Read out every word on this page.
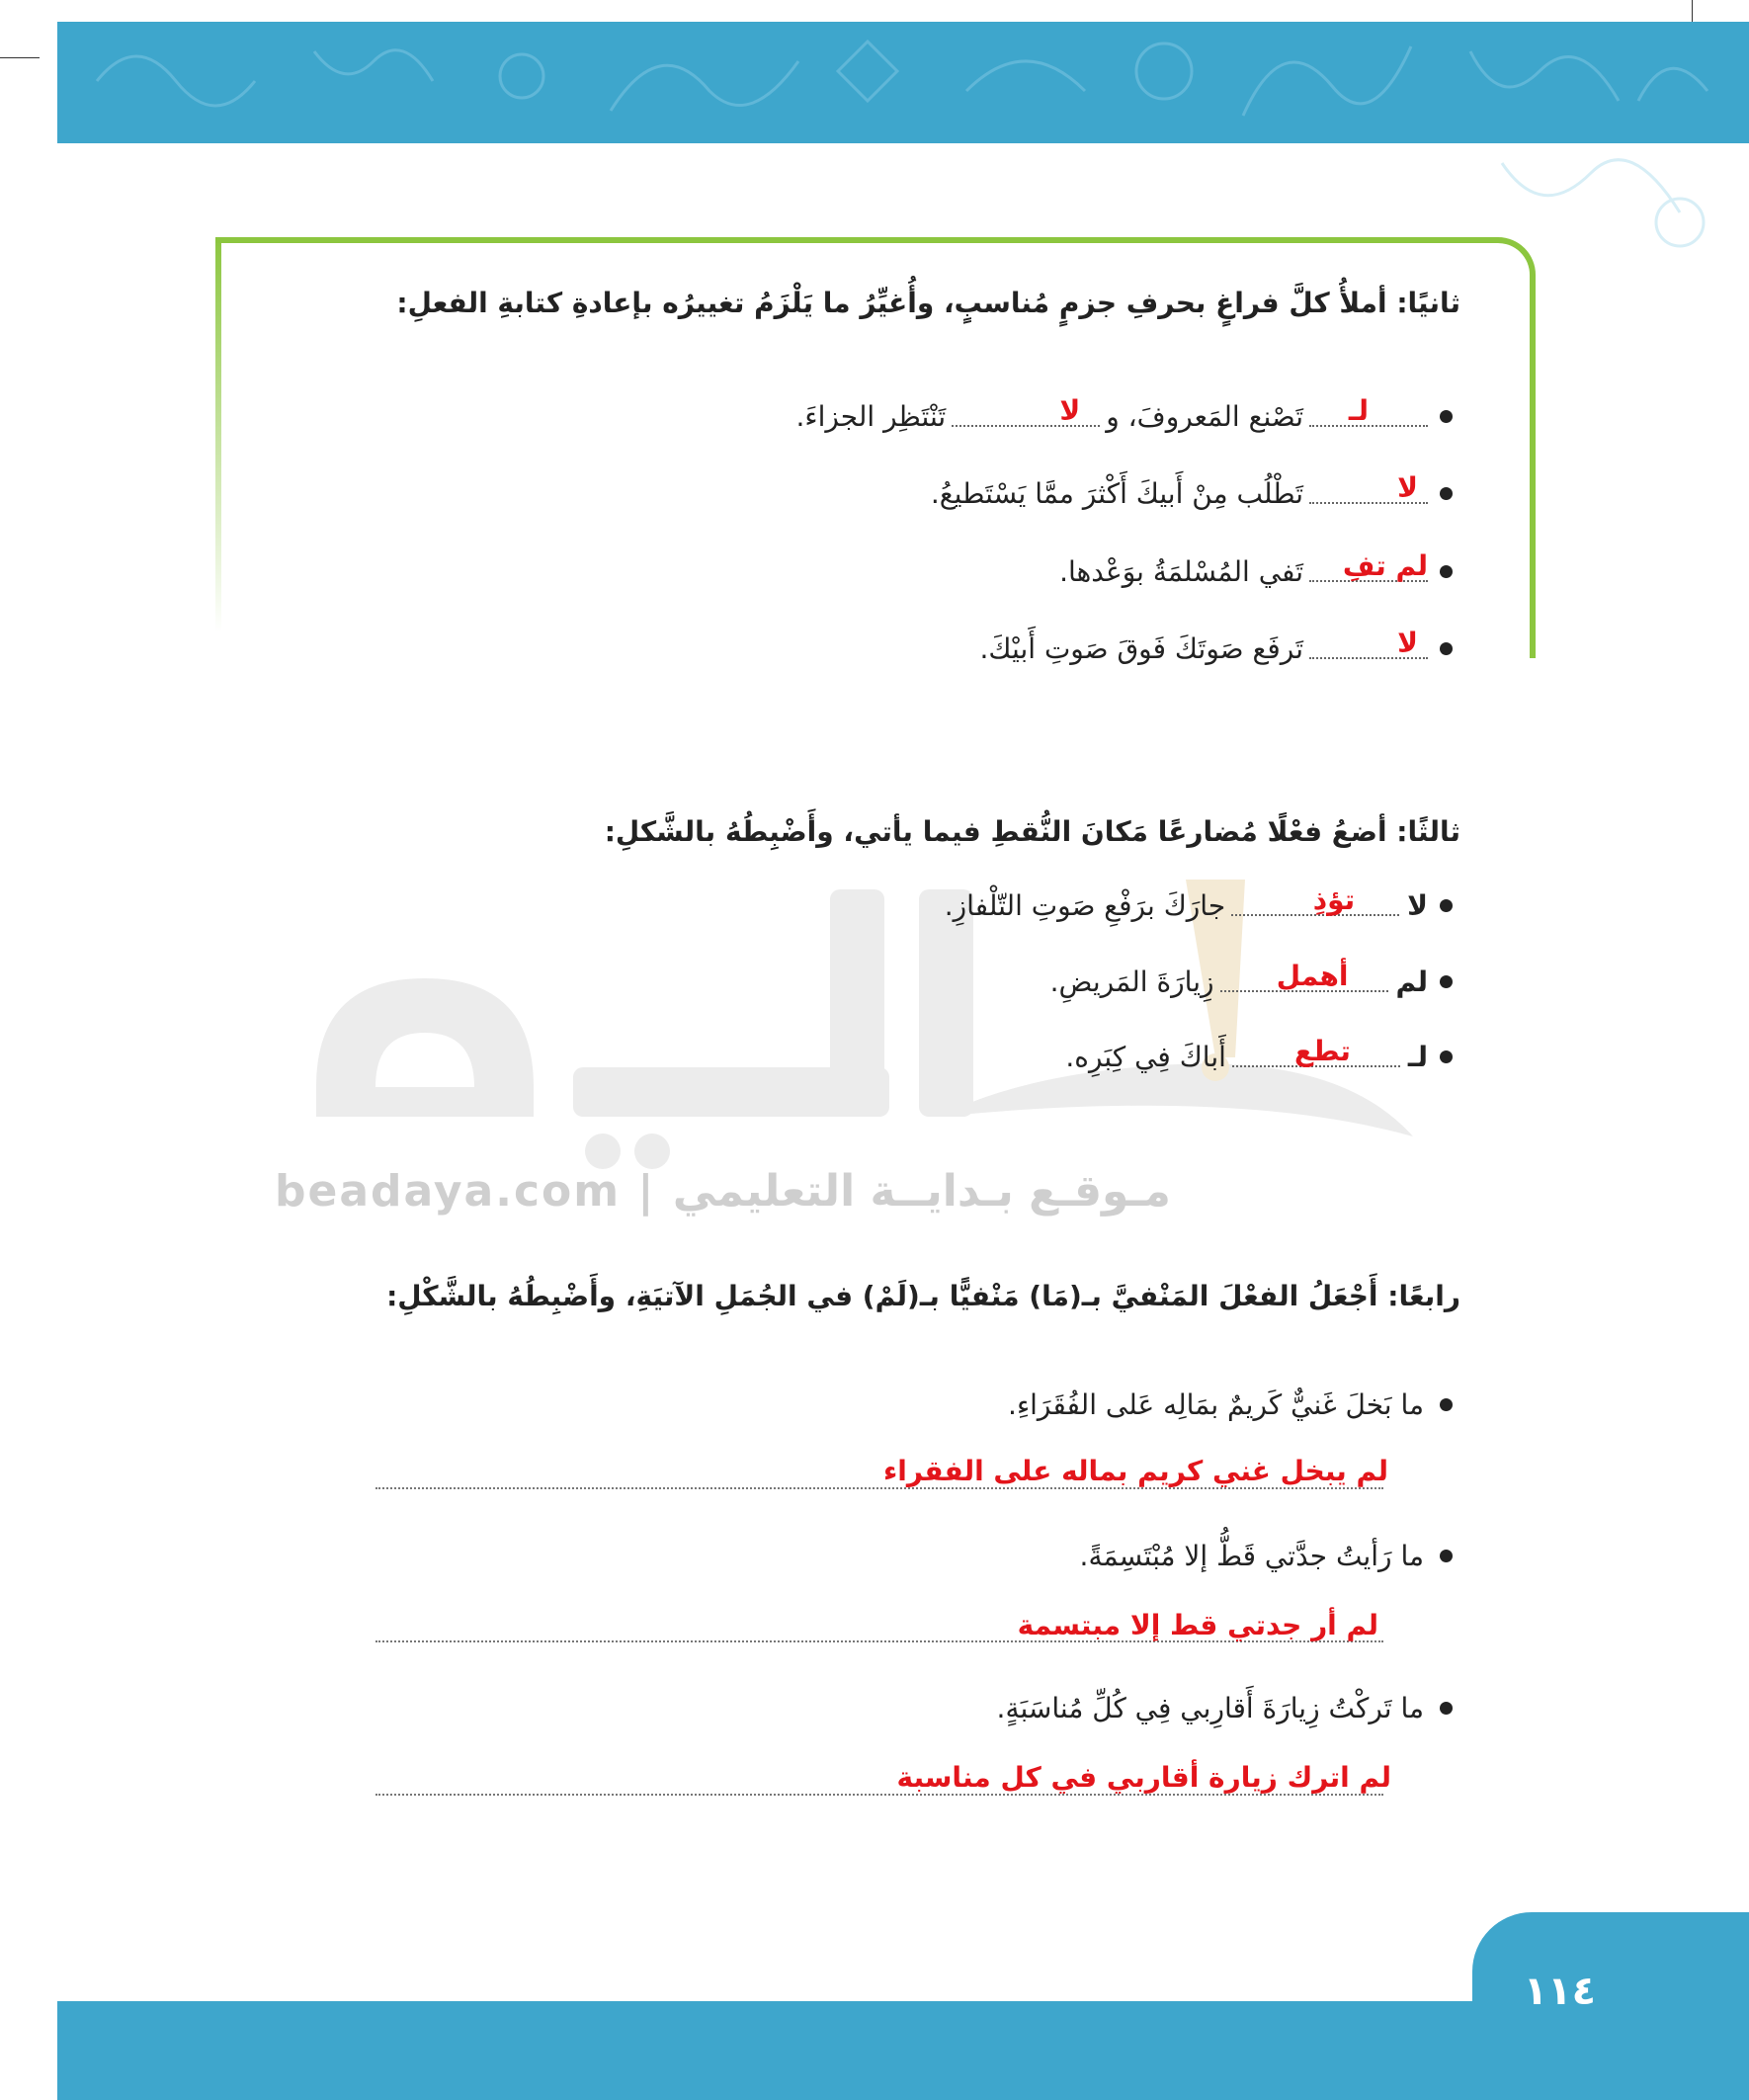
beadaya.com | مـوقـع بـدايــة التعليمي
ثانيًا: أملأُ كلَّ فراغٍ بحرفِ جزمٍ مُناسبٍ، وأُغيِّرُ ما يَلْزَمُ تغييرُه بإعادةِ كتابةِ الفعلِ:
لـ
تَصْنع المَعروفَ، و
لا
تَنْتَظِر الجزاءَ.
لا
تَطْلُب مِنْ أَبيكَ أَكْثرَ ممَّا يَسْتَطيعُ.
لم تفِ
تَفي المُسْلمَةُ بوَعْدها.
لا
تَرفَع صَوتَكَ فَوقَ صَوتِ أَبيْكَ.
ثالثًا: أضعُ فعْلًا مُضارعًا مَكانَ النُّقطِ فيما يأتي، وأَضْبِطُهُ بالشَّكلِ:
لا
تؤذِ
جارَكَ برَفْعِ صَوتِ التّلْفازِ.
لم
أهمل
زِيارَةَ المَريضِ.
لـ
تطع
أَباكَ فِي كِبَرِه.
رابعًا: أَجْعَلُ الفعْلَ المَنْفيَّ بـ(مَا) مَنْفيًّا بـ(لَمْ) في الجُمَلِ الآتيَةِ، وأَضْبِطُهُ بالشَّكْلِ:
ما بَخلَ غَنيٌّ كَريمٌ بمَالِه عَلى الفُقَرَاءِ.
لم يبخل غني كريم بماله على الفقراء
ما رَأيتُ جدَّتي قَطُّ إلا مُبْتَسِمَةً.
لم أر جدتي قط إلا مبتسمة
ما تَركْتُ زِيارَةَ أَقارِبي فِي كُلِّ مُناسَبَةٍ.
لم اترك زيارة أقاربي في كل مناسبة
١١٤
